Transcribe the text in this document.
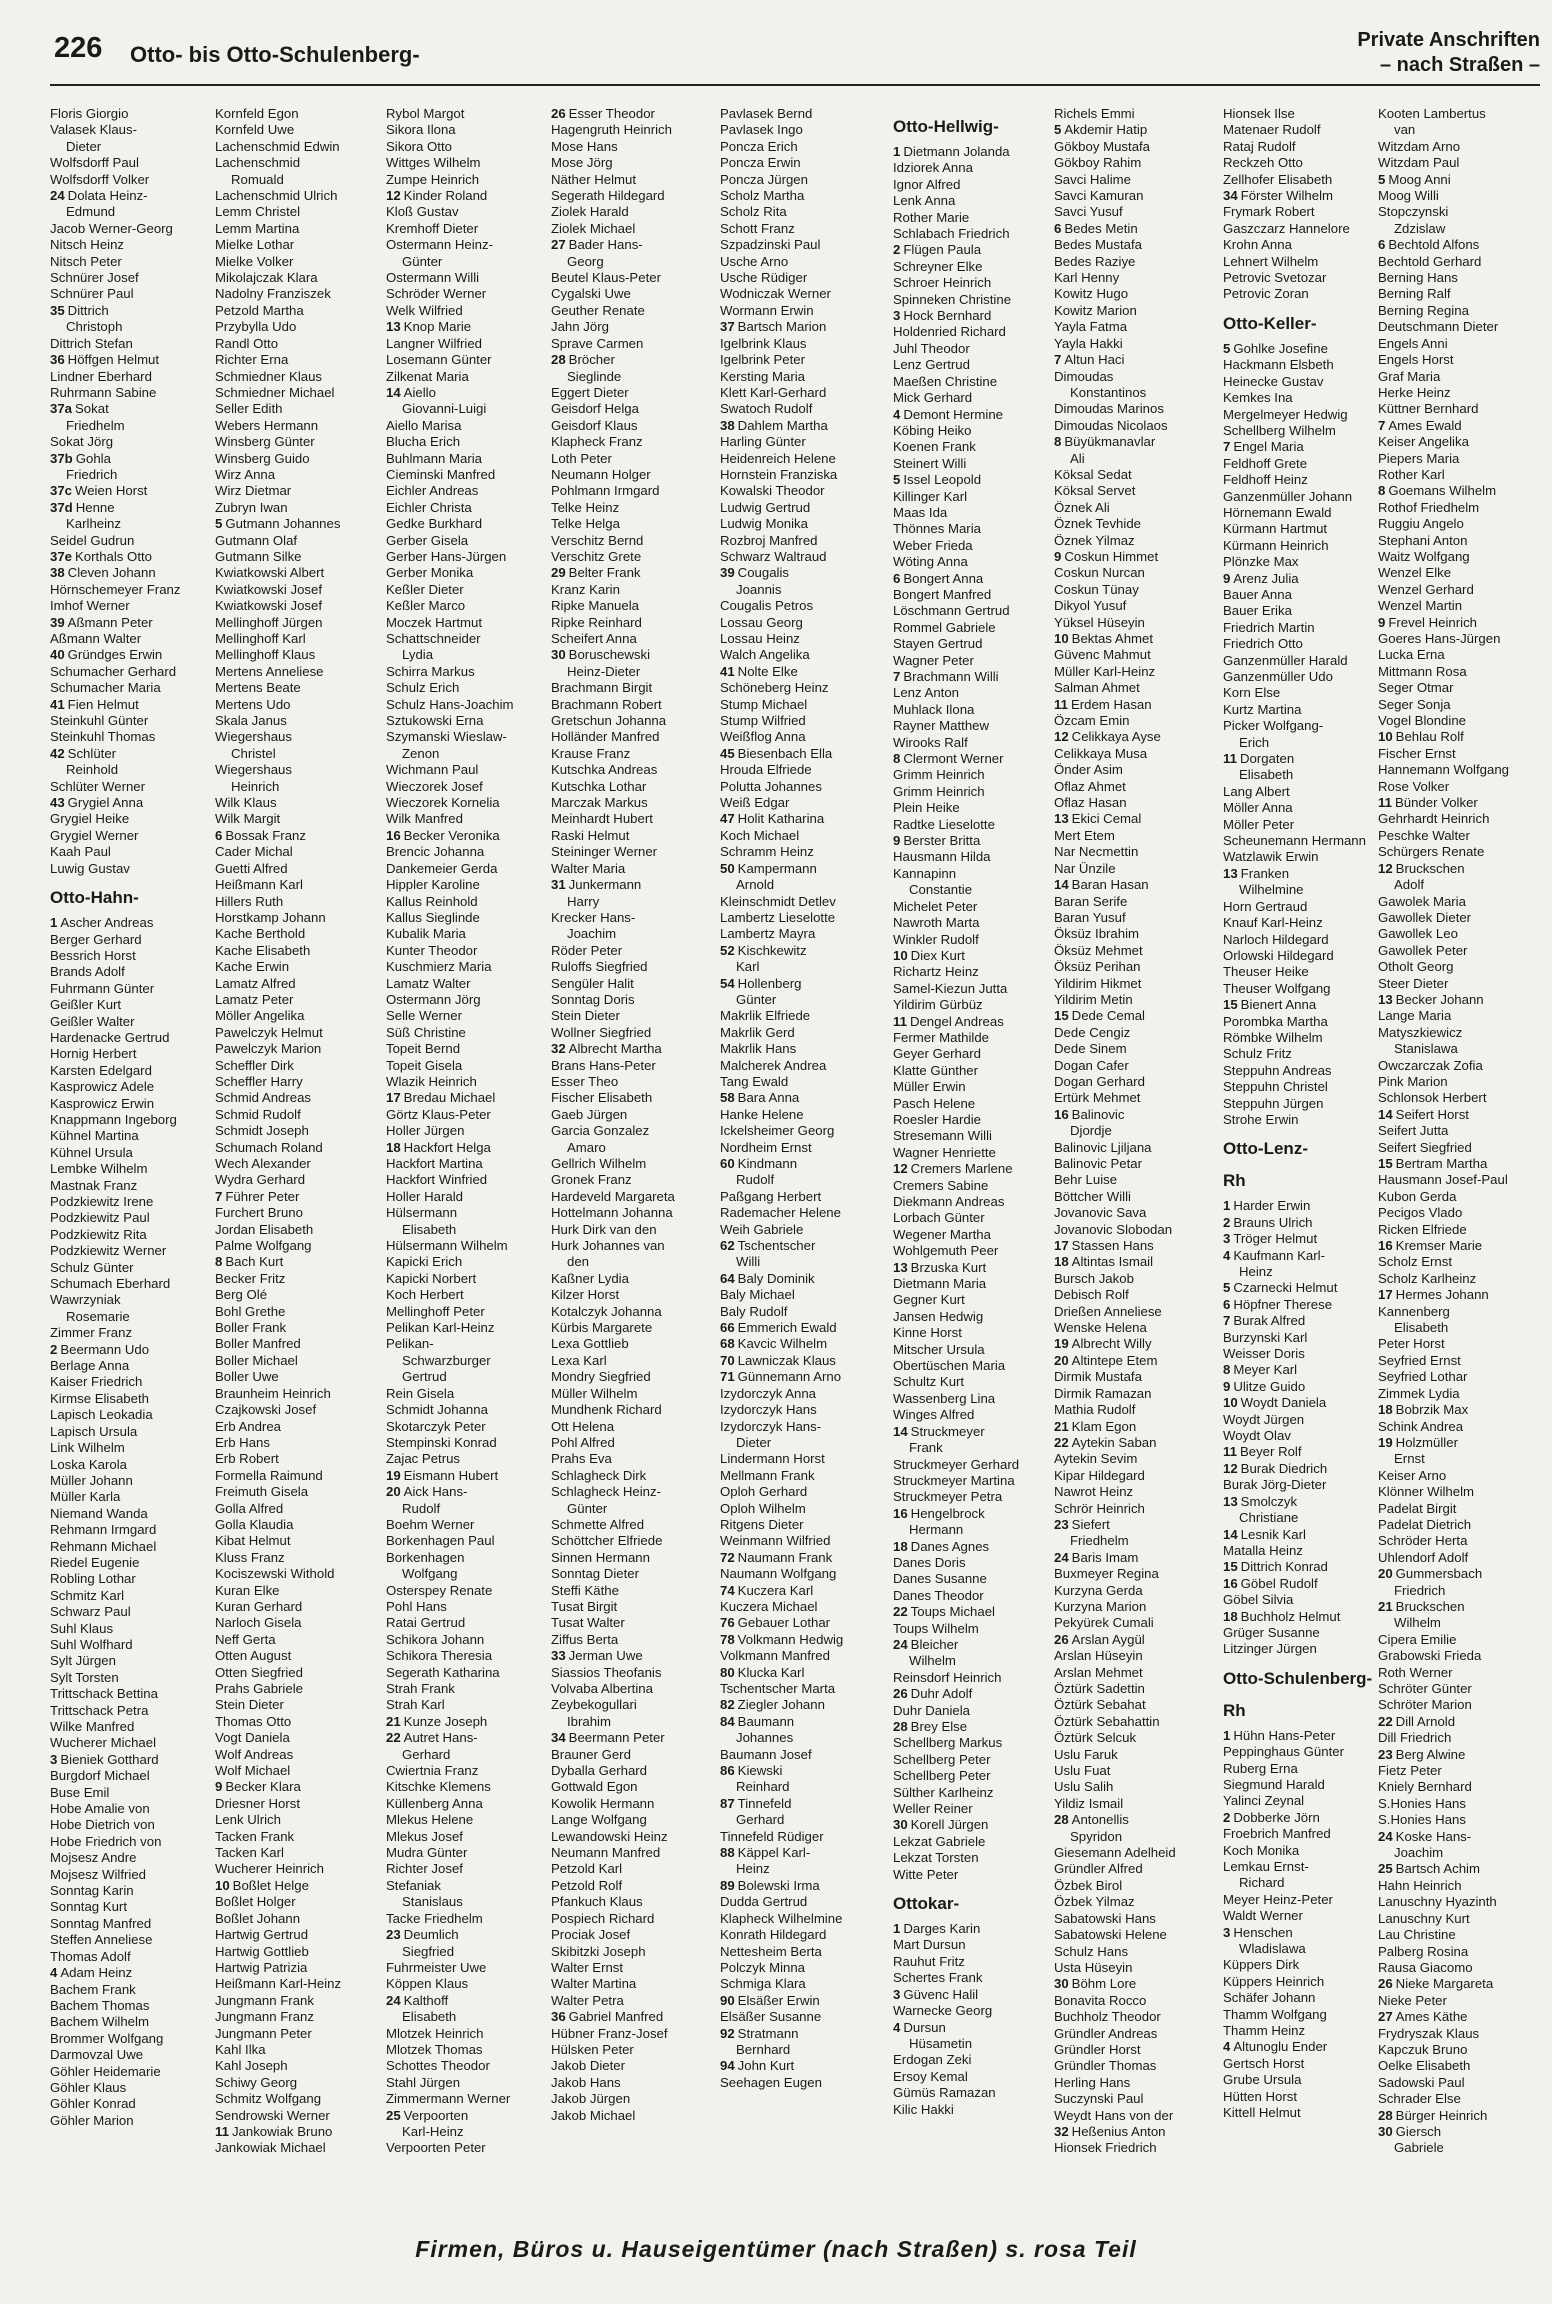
226 Otto- bis Otto-Schulenberg-
Private Anschriften
– nach Straßen –
Floris Giorgio
Valasek Klaus-
Dieter
Wolfsdorff Paul
Wolfsdorff Volker
24 Dolata Heinz-
Edmund
Jacob Werner-Georg
Nitsch Heinz
Nitsch Peter
Schnürer Josef
Schnürer Paul
35 Dittrich
Christoph
Dittrich Stefan
36 Höffgen Helmut
Lindner Eberhard
Ruhrmann Sabine
37a Sokat
Friedhelm
Sokat Jörg
37b Gohla
Friedrich
37c Weien Horst
37d Henne
Karlheinz
Seidel Gudrun
37e Korthals Otto
38 Cleven Johann
Hörnschemeyer Franz
Imhof Werner
39 Aßmann Peter
Aßmann Walter
40 Gründges Erwin
Schumacher Gerhard
Schumacher Maria
41 Fien Helmut
Steinkuhl Günter
Steinkuhl Thomas
42 Schlüter
Reinhold
Schlüter Werner
43 Grygiel Anna
Grygiel Heike
Grygiel Werner
Kaah Paul
Luwig Gustav
Otto-Hahn-
1 Ascher Andreas
Berger Gerhard
Bessrich Horst
Brands Adolf
Fuhrmann Günter
Geißler Kurt
Geißler Walter
Hardenacke Gertrud
Hornig Herbert
Karsten Edelgard
Kasprowicz Adele
Kasprowicz Erwin
Knappmann Ingeborg
Kühnel Martina
Kühnel Ursula
Lembke Wilhelm
Mastnak Franz
Podzkiewitz Irene
Podzkiewitz Paul
Podzkiewitz Rita
Podzkiewitz Werner
Schulz Günter
Schumach Eberhard
Wawrzyniak
Rosemarie
Zimmer Franz
2 Beermann Udo
Berlage Anna
Kaiser Friedrich
Kirmse Elisabeth
Lapisch Leokadia
Lapisch Ursula
Link Wilhelm
Loska Karola
Müller Johann
Müller Karla
Niemand Wanda
Rehmann Irmgard
Rehmann Michael
Riedel Eugenie
Robling Lothar
Schmitz Karl
Schwarz Paul
Suhl Klaus
Suhl Wolfhard
Sylt Jürgen
Sylt Torsten
Trittschack Bettina
Trittschack Petra
Wilke Manfred
Wucherer Michael
3 Bieniek Gotthard
Burgdorf Michael
Buse Emil
Hobe Amalie von
Hobe Dietrich von
Hobe Friedrich von
Mojsesz Andre
Mojsesz Wilfried
Sonntag Karin
Sonntag Kurt
Sonntag Manfred
Steffen Anneliese
Thomas Adolf
4 Adam Heinz
Bachem Frank
Bachem Thomas
Bachem Wilhelm
Brommer Wolfgang
Darmovzal Uwe
Göhler Heidemarie
Göhler Klaus
Göhler Konrad
Göhler Marion
Kornfeld Egon
Kornfeld Uwe
Lachenschmid Edwin
Lachenschmid
Romuald
Lachenschmid Ulrich
Lemm Christel
Lemm Martina
Mielke Lothar
Mielke Volker
Mikolajczak Klara
Nadolny Franziszek
Petzold Martha
Przybylla Udo
Randl Otto
Richter Erna
Schmiedner Klaus
Schmiedner Michael
Seller Edith
Webers Hermann
Winsberg Günter
Winsberg Guido
Wirz Anna
Wirz Dietmar
Zubryn Iwan
5 Gutmann Johannes
Gutmann Olaf
Gutmann Silke
Kwiatkowski Albert
Kwiatkowski Josef
Kwiatkowski Josef
Mellinghoff Jürgen
Mellinghoff Karl
Mellinghoff Klaus
Mertens Anneliese
Mertens Beate
Mertens Udo
Skala Janus
Wiegershaus
Christel
Wiegershaus
Heinrich
Wilk Klaus
Wilk Margit
6 Bossak Franz
Cader Michal
Guetti Alfred
Heißmann Karl
Hillers Ruth
Horstkamp Johann
Kache Berthold
Kache Elisabeth
Kache Erwin
Lamatz Alfred
Lamatz Peter
Möller Angelika
Pawelczyk Helmut
Pawelczyk Marion
Scheffler Dirk
Scheffler Harry
Schmid Andreas
Schmid Rudolf
Schmidt Joseph
Schumach Roland
Wech Alexander
Wydra Gerhard
7 Führer Peter
Furchert Bruno
Jordan Elisabeth
Palme Wolfgang
8 Bach Kurt
Becker Fritz
Berg Olé
Bohl Grethe
Boller Frank
Boller Manfred
Boller Michael
Boller Uwe
Braunheim Heinrich
Czajkowski Josef
Erb Andrea
Erb Hans
Erb Robert
Formella Raimund
Freimuth Gisela
Golla Alfred
Golla Klaudia
Kibat Helmut
Kluss Franz
Kociszewski Withold
Kuran Elke
Kuran Gerhard
Narloch Gisela
Neff Gerta
Otten August
Otten Siegfried
Prahs Gabriele
Stein Dieter
Thomas Otto
Vogt Daniela
Wolf Andreas
Wolf Michael
9 Becker Klara
Driesner Horst
Lenk Ulrich
Tacken Frank
Tacken Karl
Wucherer Heinrich
10 Boßlet Helge
Boßlet Holger
Boßlet Johann
Hartwig Gertrud
Hartwig Gottlieb
Hartwig Patrizia
Heißmann Karl-Heinz
Jungmann Frank
Jungmann Franz
Jungmann Peter
Kahl Ilka
Kahl Joseph
Schiwy Georg
Schmitz Wolfgang
Sendrowski Werner
11 Jankowiak Bruno
Jankowiak Michael
Rybol Margot
Sikora Ilona
Sikora Otto
Wittges Wilhelm
Zumpe Heinrich
12 Kinder Roland
Kloß Gustav
Kremhoff Dieter
Ostermann Heinz-
Günter
Ostermann Willi
Schröder Werner
Welk Wilfried
13 Knop Marie
Langner Wilfried
Losemann Günter
Zilkenat Maria
14 Aiello
Giovanni-Luigi
Aiello Marisa
Blucha Erich
Buhlmann Maria
Cieminski Manfred
Eichler Andreas
Eichler Christa
Gedke Burkhard
Gerber Gisela
Gerber Hans-Jürgen
Gerber Monika
Keßler Dieter
Keßler Marco
Moczek Hartmut
Schattschneider
Lydia
Schirra Markus
Schulz Erich
Schulz Hans-Joachim
Sztukowski Erna
Szymanski Wieslaw-
Zenon
Wichmann Paul
Wieczorek Josef
Wieczorek Kornelia
Wilk Manfred
16 Becker Veronika
Brencic Johanna
Dankemeier Gerda
Hippler Karoline
Kallus Reinhold
Kallus Sieglinde
Kubalik Maria
Kunter Theodor
Kuschmierz Maria
Lamatz Walter
Ostermann Jörg
Selle Werner
Süß Christine
Topeit Bernd
Topeit Gisela
Wlazik Heinrich
17 Bredau Michael
Görtz Klaus-Peter
Holler Jürgen
18 Hackfort Helga
Hackfort Martina
Hackfort Winfried
Holler Harald
Hülsermann
Elisabeth
Hülsermann Wilhelm
Kapicki Erich
Kapicki Norbert
Koch Herbert
Mellinghoff Peter
Pelikan Karl-Heinz
Pelikan-
Schwarzburger
Gertrud
Rein Gisela
Schmidt Johanna
Skotarczyk Peter
Stempinski Konrad
Zajac Petrus
19 Eismann Hubert
20 Aick Hans-
Rudolf
Boehm Werner
Borkenhagen Paul
Borkenhagen
Wolfgang
Osterspey Renate
Pohl Hans
Ratai Gertrud
Schikora Johann
Schikora Theresia
Segerath Katharina
Strah Frank
Strah Karl
21 Kunze Joseph
22 Autret Hans-
Gerhard
Cwiertnia Franz
Kitschke Klemens
Küllenberg Anna
Mlekus Helene
Mlekus Josef
Mudra Günter
Richter Josef
Stefaniak
Stanislaus
Tacke Friedhelm
23 Deumlich
Siegfried
Fuhrmeister Uwe
Köppen Klaus
24 Kalthoff
Elisabeth
Mlotzek Heinrich
Mlotzek Thomas
Schottes Theodor
Stahl Jürgen
Zimmermann Werner
25 Verpoorten
Karl-Heinz
Verpoorten Peter
26 Esser Theodor
Hagengruth Heinrich
Mose Hans
Mose Jörg
Näther Helmut
Segerath Hildegard
Ziolek Harald
Ziolek Michael
27 Bader Hans-
Georg
Beutel Klaus-Peter
Cygalski Uwe
Geuther Renate
Jahn Jörg
Sprave Carmen
28 Bröcher
Sieglinde
Eggert Dieter
Geisdorf Helga
Geisdorf Klaus
Klapheck Franz
Loth Peter
Neumann Holger
Pohlmann Irmgard
Telke Heinz
Telke Helga
Verschitz Bernd
Verschitz Grete
29 Belter Frank
Kranz Karin
Ripke Manuela
Ripke Reinhard
Scheifert Anna
30 Boruschewski
Heinz-Dieter
Brachmann Birgit
Brachmann Robert
Gretschun Johanna
Holländer Manfred
Krause Franz
Kutschka Andreas
Kutschka Lothar
Marczak Markus
Meinhardt Hubert
Raski Helmut
Steininger Werner
Walter Maria
31 Junkermann
Harry
Krecker Hans-
Joachim
Röder Peter
Ruloffs Siegfried
Sengüler Halit
Sonntag Doris
Stein Dieter
Wollner Siegfried
32 Albrecht Martha
Brans Hans-Peter
Esser Theo
Fischer Elisabeth
Gaeb Jürgen
Garcia Gonzalez
Amaro
Gellrich Wilhelm
Gronek Franz
Hardeveld Margareta
Hottelmann Johanna
Hurk Dirk van den
Hurk Johannes van
den
Kaßner Lydia
Kilzer Horst
Kotalczyk Johanna
Kürbis Margarete
Lexa Gottlieb
Lexa Karl
Mondry Siegfried
Müller Wilhelm
Mundhenk Richard
Ott Helena
Pohl Alfred
Prahs Eva
Schlagheck Dirk
Schlagheck Heinz-
Günter
Schmette Alfred
Schöttcher Elfriede
Sinnen Hermann
Sonntag Dieter
Steffi Käthe
Tusat Birgit
Tusat Walter
Ziffus Berta
33 Jerman Uwe
Siassios Theofanis
Volvaba Albertina
Zeybekogullari
Ibrahim
34 Beermann Peter
Brauner Gerd
Dyballa Gerhard
Gottwald Egon
Kowolik Hermann
Lange Wolfgang
Lewandowski Heinz
Neumann Manfred
Petzold Karl
Petzold Rolf
Pfankuch Klaus
Pospiech Richard
Prociak Josef
Skibitzki Joseph
Walter Ernst
Walter Martina
Walter Petra
36 Gabriel Manfred
Hübner Franz-Josef
Hülsken Peter
Jakob Dieter
Jakob Hans
Jakob Jürgen
Jakob Michael
Pavlasek Bernd
Pavlasek Ingo
Poncza Erich
Poncza Erwin
Poncza Jürgen
Scholz Martha
Scholz Rita
Schott Franz
Szpadzinski Paul
Usche Arno
Usche Rüdiger
Wodniczak Werner
Wormann Erwin
37 Bartsch Marion
Igelbrink Klaus
Igelbrink Peter
Kersting Maria
Klett Karl-Gerhard
Swatoch Rudolf
38 Dahlem Martha
Harling Günter
Heidenreich Helene
Hornstein Franziska
Kowalski Theodor
Ludwig Gertrud
Ludwig Monika
Rozbroj Manfred
Schwarz Waltraud
39 Cougalis
Joannis
Cougalis Petros
Lossau Georg
Lossau Heinz
Walch Angelika
41 Nolte Elke
Schöneberg Heinz
Stump Michael
Stump Wilfried
Weißflog Anna
45 Biesenbach Ella
Hrouda Elfriede
Polutta Johannes
Weiß Edgar
47 Holit Katharina
Koch Michael
Schramm Heinz
50 Kampermann
Arnold
Kleinschmidt Detlev
Lambertz Lieselotte
Lambertz Mayra
52 Kischkewitz
Karl
54 Hollenberg
Günter
Makrlik Elfriede
Makrlik Gerd
Makrlik Hans
Malcherek Andrea
Tang Ewald
58 Bara Anna
Hanke Helene
Ickelsheimer Georg
Nordheim Ernst
60 Kindmann
Rudolf
Paßgang Herbert
Rademacher Helene
Weih Gabriele
62 Tschentscher
Willi
64 Baly Dominik
Baly Michael
Baly Rudolf
66 Emmerich Ewald
68 Kavcic Wilhelm
70 Lawniczak Klaus
71 Günnemann Arno
Izydorczyk Anna
Izydorczyk Hans
Izydorczyk Hans-
Dieter
Lindermann Horst
Mellmann Frank
Oploh Gerhard
Oploh Wilhelm
Ritgens Dieter
Weinmann Wilfried
72 Naumann Frank
Naumann Wolfgang
74 Kuczera Karl
Kuczera Michael
76 Gebauer Lothar
78 Volkmann Hedwig
Volkmann Manfred
80 Klucka Karl
Tschentscher Marta
82 Ziegler Johann
84 Baumann
Johannes
Baumann Josef
86 Kiewski
Reinhard
87 Tinnefeld
Gerhard
Tinnefeld Rüdiger
88 Käppel Karl-
Heinz
89 Bolewski Irma
Dudda Gertrud
Klapheck Wilhelmine
Konrath Hildegard
Nettesheim Berta
Polczyk Minna
Schmiga Klara
90 Elsäßer Erwin
Elsäßer Susanne
92 Stratmann
Bernhard
94 John Kurt
Seehagen Eugen
Otto-Hellwig-
1 Dietmann Jolanda
Idziorek Anna
Ignor Alfred
Lenk Anna
Rother Marie
Schlabach Friedrich
2 Flügen Paula
Schreyner Elke
Schroer Heinrich
Spinneken Christine
3 Hock Bernhard
Holdenried Richard
Juhl Theodor
Lenz Gertrud
Maeßen Christine
Mick Gerhard
4 Demont Hermine
Köbing Heiko
Koenen Frank
Steinert Willi
5 Issel Leopold
Killinger Karl
Maas Ida
Thönnes Maria
Weber Frieda
Wöting Anna
6 Bongert Anna
Bongert Manfred
Löschmann Gertrud
Rommel Gabriele
Stayen Gertrud
Wagner Peter
7 Brachmann Willi
Lenz Anton
Muhlack Ilona
Rayner Matthew
Wirooks Ralf
8 Clermont Werner
Grimm Heinrich
Grimm Heinrich
Plein Heike
Radtke Lieselotte
9 Berster Britta
Hausmann Hilda
Kannapinn
Constantie
Michelet Peter
Nawroth Marta
Winkler Rudolf
10 Diex Kurt
Richartz Heinz
Samel-Kiezun Jutta
Yildirim Gürbüz
11 Dengel Andreas
Fermer Mathilde
Geyer Gerhard
Klatte Günther
Müller Erwin
Pasch Helene
Roesler Hardie
Stresemann Willi
Wagner Henriette
12 Cremers Marlene
Cremers Sabine
Diekmann Andreas
Lorbach Günter
Wegener Martha
Wohlgemuth Peer
13 Brzuska Kurt
Dietmann Maria
Gegner Kurt
Jansen Hedwig
Kinne Horst
Mitscher Ursula
Obertüschen Maria
Schultz Kurt
Wassenberg Lina
Winges Alfred
14 Struckmeyer
Frank
Struckmeyer Gerhard
Struckmeyer Martina
Struckmeyer Petra
16 Hengelbrock
Hermann
18 Danes Agnes
Danes Doris
Danes Susanne
Danes Theodor
22 Toups Michael
Toups Wilhelm
24 Bleicher
Wilhelm
Reinsdorf Heinrich
26 Duhr Adolf
Duhr Daniela
28 Brey Else
Schellberg Markus
Schellberg Peter
Schellberg Peter
Sülther Karlheinz
Weller Reiner
30 Korell Jürgen
Lekzat Gabriele
Lekzat Torsten
Witte Peter
Ottokar-
1 Darges Karin
Mart Dursun
Rauhut Fritz
Schertes Frank
3 Güvenc Halil
Warnecke Georg
4 Dursun
Hüsametin
Erdogan Zeki
Ersoy Kemal
Gümüs Ramazan
Kilic Hakki
Richels Emmi
5 Akdemir Hatip
Gökboy Mustafa
Gökboy Rahim
Savci Halime
Savci Kamuran
Savci Yusuf
6 Bedes Metin
Bedes Mustafa
Bedes Raziye
Karl Henny
Kowitz Hugo
Kowitz Marion
Yayla Fatma
Yayla Hakki
7 Altun Haci
Dimoudas
Konstantinos
Dimoudas Marinos
Dimoudas Nicolaos
8 Büyükmanavlar
Ali
Köksal Sedat
Köksal Servet
Öznek Ali
Öznek Tevhide
Öznek Yilmaz
9 Coskun Himmet
Coskun Nurcan
Coskun Tünay
Dikyol Yusuf
Yüksel Hüseyin
10 Bektas Ahmet
Güvenc Mahmut
Müller Karl-Heinz
Salman Ahmet
11 Erdem Hasan
Özcam Emin
12 Celikkaya Ayse
Celikkaya Musa
Önder Asim
Oflaz Ahmet
Oflaz Hasan
13 Ekici Cemal
Mert Etem
Nar Necmettin
Nar Ünzile
14 Baran Hasan
Baran Serife
Baran Yusuf
Öksüz Ibrahim
Öksüz Mehmet
Öksüz Perihan
Yildirim Hikmet
Yildirim Metin
15 Dede Cemal
Dede Cengiz
Dede Sinem
Dogan Cafer
Dogan Gerhard
Ertürk Mehmet
16 Balinovic
Djordje
Balinovic Ljiljana
Balinovic Petar
Behr Luise
Böttcher Willi
Jovanovic Sava
Jovanovic Slobodan
17 Stassen Hans
18 Altintas Ismail
Bursch Jakob
Debisch Rolf
Drießen Anneliese
Wenske Helena
19 Albrecht Willy
20 Altintepe Etem
Dirmik Mustafa
Dirmik Ramazan
Mathia Rudolf
21 Klam Egon
22 Aytekin Saban
Aytekin Sevim
Kipar Hildegard
Nawrot Heinz
Schrör Heinrich
23 Siefert
Friedhelm
24 Baris Imam
Buxmeyer Regina
Kurzyna Gerda
Kurzyna Marion
Pekyürek Cumali
26 Arslan Aygül
Arslan Hüseyin
Arslan Mehmet
Öztürk Sadettin
Öztürk Sebahat
Öztürk Sebahattin
Öztürk Selcuk
Uslu Faruk
Uslu Fuat
Uslu Salih
Yildiz Ismail
28 Antonellis
Spyridon
Giesemann Adelheid
Gründler Alfred
Özbek Birol
Özbek Yilmaz
Sabatowski Hans
Sabatowski Helene
Schulz Hans
Usta Hüseyin
30 Böhm Lore
Bonavita Rocco
Buchholz Theodor
Gründler Andreas
Gründler Horst
Gründler Thomas
Herling Hans
Suczynski Paul
Weydt Hans von der
32 Heßenius Anton
Hionsek Friedrich
Hionsek Ilse
Matenaer Rudolf
Rataj Rudolf
Reckzeh Otto
Zellhofer Elisabeth
34 Förster Wilhelm
Frymark Robert
Gaszczarz Hannelore
Krohn Anna
Lehnert Wilhelm
Petrovic Svetozar
Petrovic Zoran
Otto-Keller-
5 Gohlke Josefine
Hackmann Elsbeth
Heinecke Gustav
Kemkes Ina
Mergelmeyer Hedwig
Schellberg Wilhelm
7 Engel Maria
Feldhoff Grete
Feldhoff Heinz
Ganzenmüller Johann
Hörnemann Ewald
Kürmann Hartmut
Kürmann Heinrich
Plönzke Max
9 Arenz Julia
Bauer Anna
Bauer Erika
Friedrich Martin
Friedrich Otto
Ganzenmüller Harald
Ganzenmüller Udo
Korn Else
Kurtz Martina
Picker Wolfgang-
Erich
11 Dorgaten
Elisabeth
Lang Albert
Möller Anna
Möller Peter
Scheunemann Hermann
Watzlawik Erwin
13 Franken
Wilhelmine
Horn Gertraud
Knauf Karl-Heinz
Narloch Hildegard
Orlowski Hildegard
Theuser Heike
Theuser Wolfgang
15 Bienert Anna
Porombka Martha
Römbke Wilhelm
Schulz Fritz
Steppuhn Andreas
Steppuhn Christel
Steppuhn Jürgen
Strohe Erwin
Otto-Lenz-
Rh
1 Harder Erwin
2 Brauns Ulrich
3 Tröger Helmut
4 Kaufmann Karl-
Heinz
5 Czarnecki Helmut
6 Höpfner Therese
7 Burak Alfred
Burzynski Karl
Weisser Doris
8 Meyer Karl
9 Ulitze Guido
10 Woydt Daniela
Woydt Jürgen
Woydt Olav
11 Beyer Rolf
12 Burak Diedrich
Burak Jörg-Dieter
13 Smolczyk
Christiane
14 Lesnik Karl
Matalla Heinz
15 Dittrich Konrad
16 Göbel Rudolf
Göbel Silvia
18 Buchholz Helmut
Grüger Susanne
Litzinger Jürgen
Otto-Schulenberg-
Rh
1 Hühn Hans-Peter
Peppinghaus Günter
Ruberg Erna
Siegmund Harald
Yalinci Zeynal
2 Dobberke Jörn
Froebrich Manfred
Koch Monika
Lemkau Ernst-
Richard
Meyer Heinz-Peter
Waldt Werner
3 Henschen
Wladislawa
Küppers Dirk
Küppers Heinrich
Schäfer Johann
Thamm Wolfgang
Thamm Heinz
4 Altunoglu Ender
Gertsch Horst
Grube Ursula
Hütten Horst
Kittell Helmut
Kooten Lambertus
van
Witzdam Arno
Witzdam Paul
5 Moog Anni
Moog Willi
Stopczynski
Zdzislaw
6 Bechtold Alfons
Bechtold Gerhard
Berning Hans
Berning Ralf
Berning Regina
Deutschmann Dieter
Engels Anni
Engels Horst
Graf Maria
Herke Heinz
Küttner Bernhard
7 Ames Ewald
Keiser Angelika
Piepers Maria
Rother Karl
8 Goemans Wilhelm
Rothof Friedhelm
Ruggiu Angelo
Stephani Anton
Waitz Wolfgang
Wenzel Elke
Wenzel Gerhard
Wenzel Martin
9 Frevel Heinrich
Goeres Hans-Jürgen
Lucka Erna
Mittmann Rosa
Seger Otmar
Seger Sonja
Vogel Blondine
10 Behlau Rolf
Fischer Ernst
Hannemann Wolfgang
Rose Volker
11 Bünder Volker
Gehrhardt Heinrich
Peschke Walter
Schürgers Renate
12 Bruckschen
Adolf
Gawolek Maria
Gawollek Dieter
Gawollek Leo
Gawollek Peter
Otholt Georg
Steer Dieter
13 Becker Johann
Lange Maria
Matyszkiewicz
Stanislawa
Owczarczak Zofia
Pink Marion
Schlonsok Herbert
14 Seifert Horst
Seifert Jutta
Seifert Siegfried
15 Bertram Martha
Hausmann Josef-Paul
Kubon Gerda
Pecigos Vlado
Ricken Elfriede
16 Kremser Marie
Scholz Ernst
Scholz Karlheinz
17 Hermes Johann
Kannenberg
Elisabeth
Peter Horst
Seyfried Ernst
Seyfried Lothar
Zimmek Lydia
18 Bobrzik Max
Schink Andrea
19 Holzmüller
Ernst
Keiser Arno
Klönner Wilhelm
Padelat Birgit
Padelat Dietrich
Schröder Herta
Uhlendorf Adolf
20 Gummersbach
Friedrich
21 Bruckschen
Wilhelm
Cipera Emilie
Grabowski Frieda
Roth Werner
Schröter Günter
Schröter Marion
22 Dill Arnold
Dill Friedrich
23 Berg Alwine
Fietz Peter
Kniely Bernhard
S.Honies Hans
S.Honies Hans
24 Koske Hans-
Joachim
25 Bartsch Achim
Hahn Heinrich
Lanuschny Hyazinth
Lanuschny Kurt
Lau Christine
Palberg Rosina
Rausa Giacomo
26 Nieke Margareta
Nieke Peter
27 Ames Käthe
Frydryszak Klaus
Kapczuk Bruno
Oelke Elisabeth
Sadowski Paul
Schrader Else
28 Bürger Heinrich
30 Giersch
Gabriele
Firmen, Büros u. Hauseigentümer (nach Straßen) s. rosa Teil
